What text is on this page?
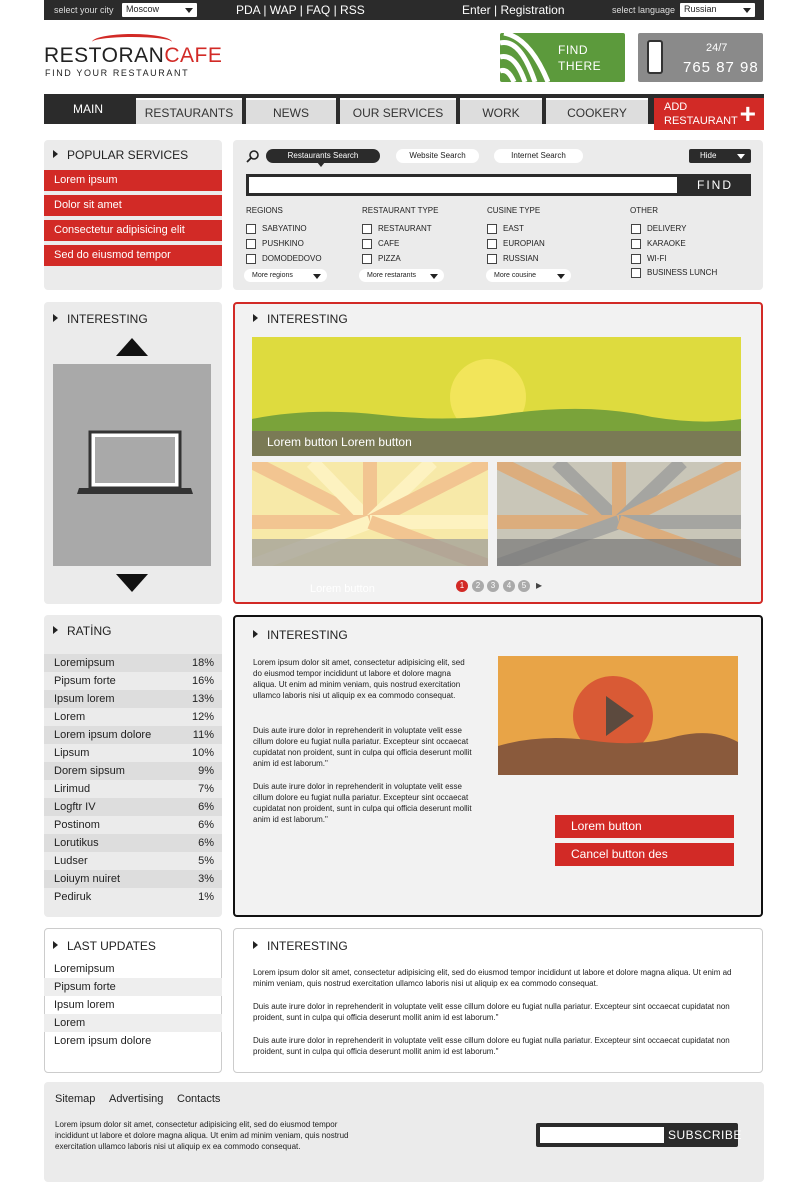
select your city	Moscow	PDA | WAP | FAQ | RSS	Enter | Registration	select language Russian
RESTORANCAFE
FIND YOUR RESTAURANT
FIND
THERE
24/7
765 87 98
MAIN	RESTAURANTS	NEWS	OUR SERVICES	WORK	COOKERY	ADD
RESTAURANT +
POPULAR SERVICES
Lorem ipsum
Dolor sit amet
Consectetur adipisicing elit
Sed do eiusmod tempor
Restaurants Search	Website Search	Internet Search	Hide
FIND
REGIONS
SABYATINO
PUSHKINO
DOMODEDOVO
More regions
RESTAURANT TYPE
RESTAURANT
CAFE
PIZZA
More restarants
CUSINE TYPE
EAST
EUROPIAN
RUSSIAN
More cousine
OTHER
DELIVERY
KARAOKE
WI-FI
BUSINESS LUNCH
INTERESTING	INTERESTING
Lorem button Lorem button
Lorem button	1	2	3	4	5 ▸
RATİNG
Loremipsum	18%
Pipsum forte	16%
Ipsum lorem	13%
Lorem	12%
Lorem ipsum dolore	11%
Lipsum	10%
Dorem sipsum	9%
Lirimud	7%
Logftr IV	6%
Postinom	6%
Lorutikus	6%
Ludser	5%
Loiuym nuiret	3%
Pediruk	1%
INTERESTING
Lorem ipsum dolor sit amet, consectetur adipisicing elit, sed do eiusmod tempor incididunt ut labore et dolore magna aliqua. Ut enim ad minim veniam, quis nostrud exercitation ullamco laboris nisi ut aliquip ex ea commodo consequat.
Duis aute irure dolor in reprehenderit in voluptate velit esse cillum dolore eu fugiat nulla pariatur. Excepteur sint occaecat cupidatat non proident, sunt in culpa qui officia deserunt mollit anim id est laborum."
Duis aute irure dolor in reprehenderit in voluptate velit esse cillum dolore eu fugiat nulla pariatur. Excepteur sint occaecat cupidatat non proident, sunt in culpa qui officia deserunt mollit anim id est laborum."	Lorem button
Cancel button des
LAST UPDATES
Loremipsum
Pipsum forte
Ipsum lorem
Lorem
Lorem ipsum dolore
INTERESTING
Lorem ipsum dolor sit amet, consectetur adipisicing elit, sed do eiusmod tempor incididunt ut labore et dolore magna aliqua. Ut enim ad minim veniam, quis nostrud exercitation ullamco laboris nisi ut aliquip ex ea commodo consequat.
Duis aute irure dolor in reprehenderit in voluptate velit esse cillum dolore eu fugiat nulla pariatur. Excepteur sint occaecat cupidatat non proident, sunt in culpa qui officia deserunt mollit anim id est laborum."
Duis aute irure dolor in reprehenderit in voluptate velit esse cillum dolore eu fugiat nulla pariatur. Excepteur sint occaecat cupidatat non proident, sunt in culpa qui officia deserunt mollit anim id est laborum."
Sitemap Advertising Contacts
Lorem ipsum dolor sit amet, consectetur adipisicing elit, sed do eiusmod tempor incididunt ut labore et dolore magna aliqua. Ut enim ad minim veniam, quis nostrud exercitation ullamco laboris nisi ut aliquip ex ea commodo consequat.
SUBSCRIBE
